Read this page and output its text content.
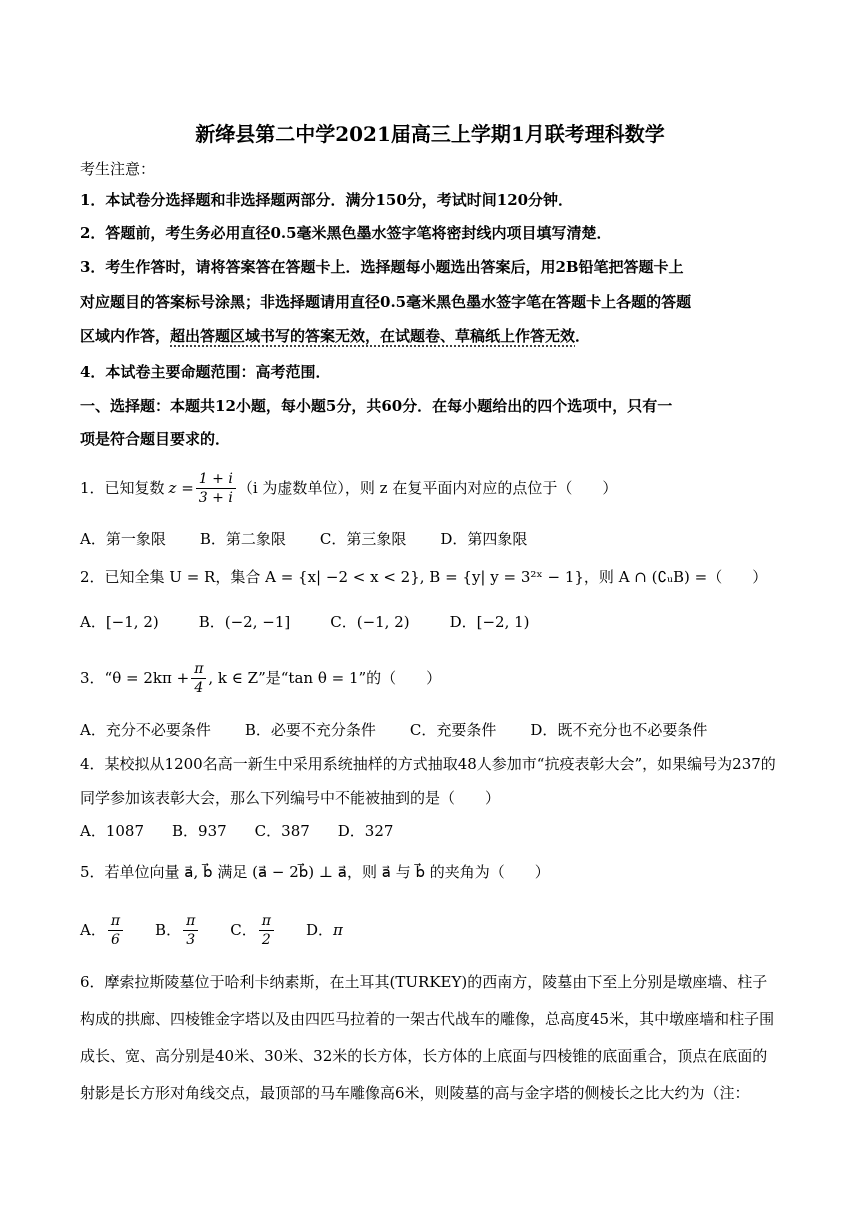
新绛县第二中学2021届高三上学期1月联考理科数学
考生注意：
1．本试卷分选择题和非选择题两部分．满分150分，考试时间120分钟．
2．答题前，考生务必用直径0.5毫米黑色墨水签字笔将密封线内项目填写清楚．
3．考生作答时，请将答案答在答题卡上．选择题每小题选出答案后，用2B铅笔把答题卡上
对应题目的答案标号涂黑；非选择题请用直径0.5毫米黑色墨水签字笔在答题卡上各题的答题
区域内作答，超出答题区域书写的答案无效，在试题卷、草稿纸上作答无效．
4．本试卷主要命题范围：高考范围．
一、选择题：本题共12小题，每小题5分，共60分．在每小题给出的四个选项中，只有一
项是符合题目要求的．
1．已知复数 $z = \frac{1 + i}{3 + i} (i$ 为虚数单位），则 z 在复平面内对应的点位于（　　）
A．第一象限 B．第二象限 C．第三象限 D．第四象限
2．已知全集 U = R，集合 A = {x| −2 < x < 2}, B = {y| y = 3²ˣ − 1}，则 A ∩ (∁ᵤB) =（　　）
A．[−1, 2)	B．(−2, −1]	C．(−1, 2)	D．[−2, 1)
3．“$\theta = 2k\pi + \frac{\pi}{4}$ , k ∈ Z”是“tan θ = 1”的（　　）
A．充分不必要条件 B．必要不充分条件 C．充要条件 D．既不充分也不必要条件
4．某校拟从1200名高一新生中采用系统抽样的方式抽取48人参加市“抗疫表彰大会”，如果编号为237的
同学参加该表彰大会，那么下列编号中不能被抽到的是（　　）
A．1087 B．937 C．387 D．327
5．若单位向量 a⃗, b⃗ 满足 (a⃗ − 2b⃗) ⊥ a⃗，则 a⃗ 与 b⃗ 的夹角为（　　）
A． $\frac{\pi}{6}$ B． $\frac{\pi}{3}$ C． $\frac{\pi}{2}$ D． π
6．摩索拉斯陵墓位于哈利卡纳素斯，在土耳其(TURKEY)的西南方，陵墓由下至上分别是墩座墙、柱子
构成的拱廊、四棱锥金字塔以及由四匹马拉着的一架古代战车的雕像，总高度45米，其中墩座墙和柱子围
成长、宽、高分别是40米、30米、32米的长方体，长方体的上底面与四棱锥的底面重合，顶点在底面的
射影是长方形对角线交点，最顶部的马车雕像高6米，则陵墓的高与金字塔的侧棱长之比大约为（注：
